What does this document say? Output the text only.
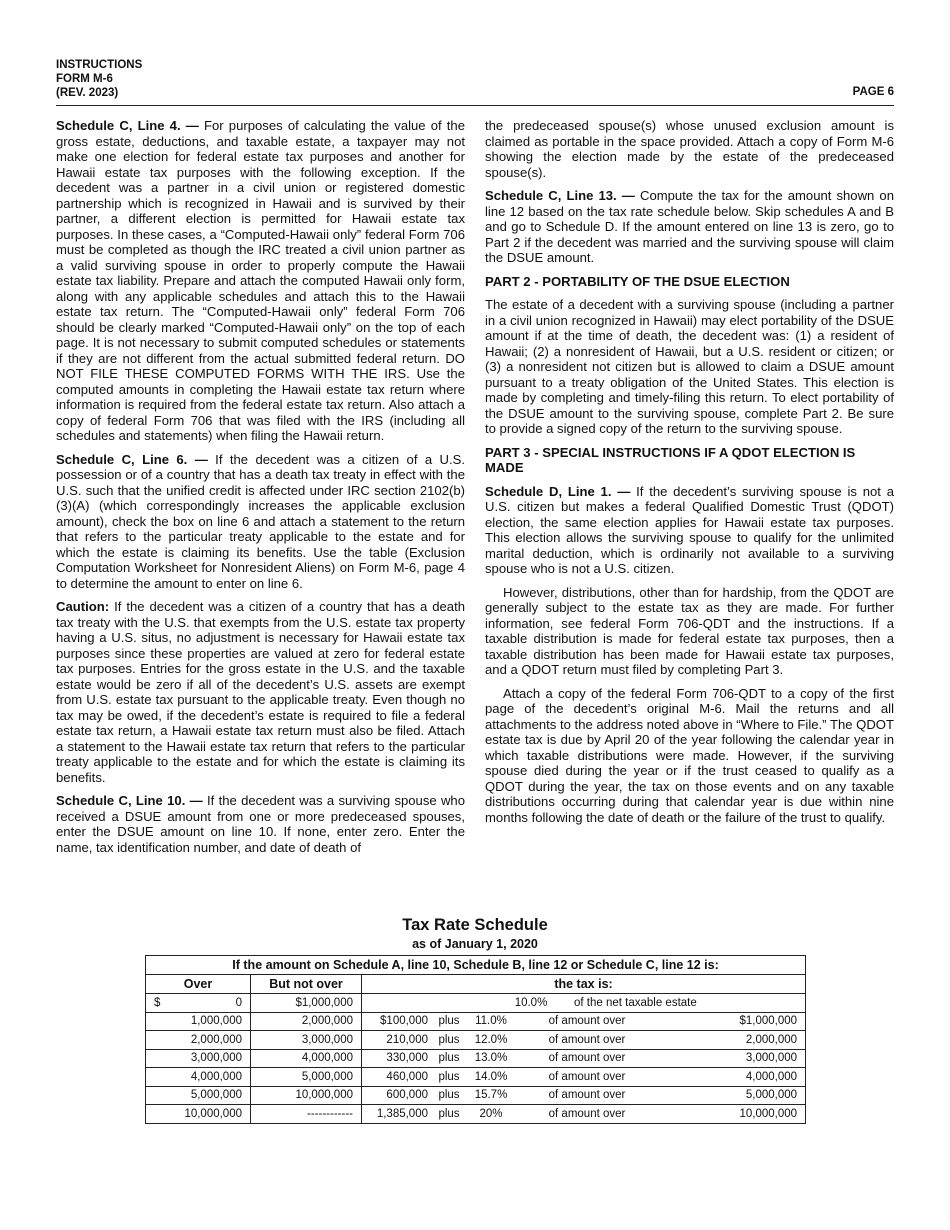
INSTRUCTIONS
FORM M-6
(REV. 2023)	PAGE 6

Schedule C, Line 4. — For purposes of calculating the value of the gross estate, deductions, and taxable estate, a taxpayer may not make one election for federal estate tax purposes and another for Hawaii estate tax purposes with the following exception. If the decedent was a partner in a civil union or registered domestic partnership which is recognized in Hawaii and is survived by their partner, a different election is permitted for Hawaii estate tax purposes. In these cases, a “Computed-Hawaii only” federal Form 706 must be completed as though the IRC treated a civil union partner as a valid surviving spouse in order to properly compute the Hawaii estate tax liability. Prepare and attach the computed Hawaii only form, along with any applicable schedules and attach this to the Hawaii estate tax return. The “Computed-Hawaii only” federal Form 706 should be clearly marked “Computed-Hawaii only” on the top of each page. It is not necessary to submit computed schedules or statements if they are not different from the actual submitted federal return. DO NOT FILE THESE COMPUTED FORMS WITH THE IRS. Use the computed amounts in completing the Hawaii estate tax return where information is required from the federal estate tax return. Also attach a copy of federal Form 706 that was filed with the IRS (including all schedules and statements) when filing the Hawaii return.

Schedule C, Line 6. — If the decedent was a citizen of a U.S. possession or of a country that has a death tax treaty in effect with the U.S. such that the unified credit is affected under IRC section 2102(b)(3)(A) (which correspondingly increases the applicable exclusion amount), check the box on line 6 and attach a statement to the return that refers to the particular treaty applicable to the estate and for which the estate is claiming its benefits. Use the table (Exclusion Computation Worksheet for Nonresident Aliens) on Form M-6, page 4 to determine the amount to enter on line 6.

Caution: If the decedent was a citizen of a country that has a death tax treaty with the U.S. that exempts from the U.S. estate tax property having a U.S. situs, no adjustment is necessary for Hawaii estate tax purposes since these properties are valued at zero for federal estate tax purposes. Entries for the gross estate in the U.S. and the taxable estate would be zero if all of the decedent’s U.S. assets are exempt from U.S. estate tax pursuant to the applicable treaty. Even though no tax may be owed, if the decedent’s estate is required to file a federal estate tax return, a Hawaii estate tax return must also be filed. Attach a statement to the Hawaii estate tax return that refers to the particular treaty applicable to the estate and for which the estate is claiming its benefits.

Schedule C, Line 10. — If the decedent was a surviving spouse who received a DSUE amount from one or more predeceased spouses, enter the DSUE amount on line 10. If none, enter zero. Enter the name, tax identification number, and date of death of

the predeceased spouse(s) whose unused exclusion amount is claimed as portable in the space provided. Attach a copy of Form M-6 showing the election made by the estate of the predeceased spouse(s).

Schedule C, Line 13. — Compute the tax for the amount shown on line 12 based on the tax rate schedule below. Skip schedules A and B and go to Schedule D. If the amount entered on line 13 is zero, go to Part 2 if the decedent was married and the surviving spouse will claim the DSUE amount.

PART 2 - PORTABILITY OF THE DSUE ELECTION

The estate of a decedent with a surviving spouse (including a partner in a civil union recognized in Hawaii) may elect portability of the DSUE amount if at the time of death, the decedent was: (1) a resident of Hawaii; (2) a nonresident of Hawaii, but a U.S. resident or citizen; or (3) a nonresident not citizen but is allowed to claim a DSUE amount pursuant to a treaty obligation of the United States. This election is made by completing and timely-filing this return. To elect portability of the DSUE amount to the surviving spouse, complete Part 2. Be sure to provide a signed copy of the return to the surviving spouse.

PART 3 - SPECIAL INSTRUCTIONS IF A QDOT ELECTION IS MADE

Schedule D, Line 1. — If the decedent’s surviving spouse is not a U.S. citizen but makes a federal Qualified Domestic Trust (QDOT) election, the same election applies for Hawaii estate tax purposes. This election allows the surviving spouse to qualify for the unlimited marital deduction, which is ordinarily not available to a surviving spouse who is not a U.S. citizen.

However, distributions, other than for hardship, from the QDOT are generally subject to the estate tax as they are made. For further information, see federal Form 706-QDT and the instructions. If a taxable distribution is made for federal estate tax purposes, then a taxable distribution has been made for Hawaii estate tax purposes, and a QDOT return must filed by completing Part 3.

Attach a copy of the federal Form 706-QDT to a copy of the first page of the decedent’s original M-6. Mail the returns and all attachments to the address noted above in “Where to File.” The QDOT estate tax is due by April 20 of the year following the calendar year in which taxable distributions were made. However, if the surviving spouse died during the year or if the trust ceased to qualify as a QDOT during the year, the tax on those events and on any taxable distributions occurring during that calendar year is due within nine months following the date of death or the failure of the trust to qualify.

Tax Rate Schedule
as of January 1, 2020
If the amount on Schedule A, line 10, Schedule B, line 12 or Schedule C, line 12 is:		
Over	But not over	the tax is:

$ 0	$1,000,000	10.0% of the net taxable estate

1,000,000	2,000,000	$100,000 plus 11.0% of amount over $1,000,000

2,000,000	3,000,000	210,000 plus 12.0% of amount over 2,000,000

3,000,000	4,000,000	330,000 plus 13.0% of amount over 3,000,000

4,000,000	5,000,000	460,000 plus 14.0% of amount over 4,000,000

5,000,000	10,000,000	600,000 plus 15.7% of amount over 5,000,000

10,000,000	------------	1,385,000 plus 20% of amount over 10,000,000
